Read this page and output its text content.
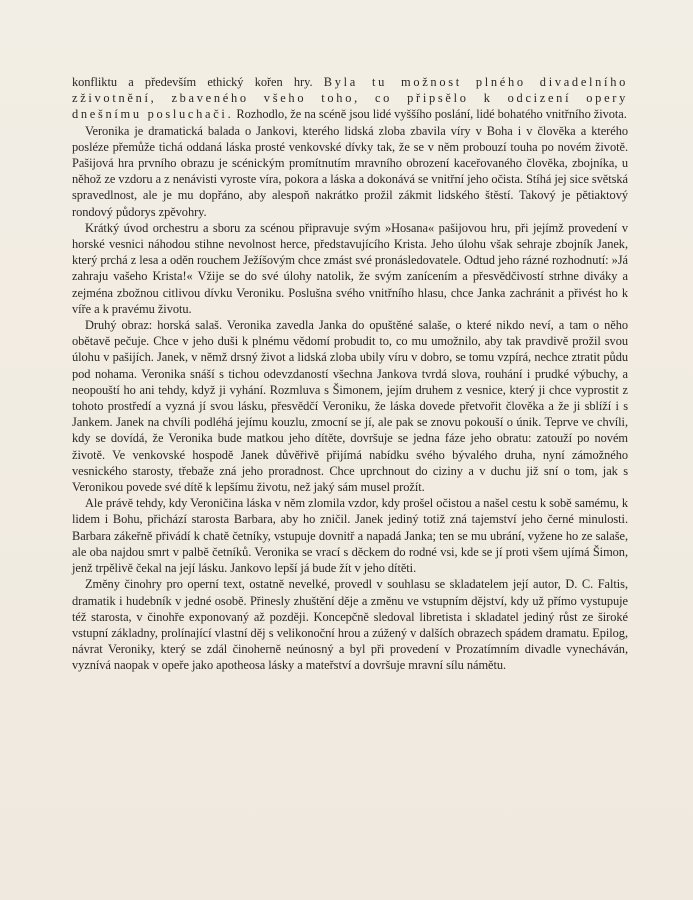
konfliktu a především ethický kořen hry. Byla tu možnost plného divadelního zživotnění, zbaveného všeho toho, co připsělo k odcizení opery dnešnímu posluchači. Rozhodlo, že na scéně jsou lidé vyššího poslání, lidé bohatého vnitřního života.

Veronika je dramatická balada o Jankovi, kterého lidská zloba zbavila víry v Boha i v člověka a kterého posléze přemůže tichá oddaná láska prosté venkovské dívky tak, že se v něm probouzí touha po novém životě. Pašijová hra prvního obrazu je scénickým promítnutím mravního obrození kaceřovaného člověka, zbojníka, u něhož ze vzdoru a z nenávisti vyroste víra, pokora a láska a dokonává se vnitřní jeho očista. Stíhá jej sice světská spravedlnost, ale je mu dopřáno, aby alespoň nakrátko prožil zákmit lidského štěstí. Takový je pětiaktový rondový půdorys zpěvohry.

Krátký úvod orchestru a sboru za scénou připravuje svým »Hosana« pašijovou hru, při jejímž provedení v horské vesnici náhodou stihne nevolnost herce, představujícího Krista. Jeho úlohu však sehraje zbojník Janek, který prchá z lesa a oděn rouchem Ježíšovým chce zmást své pronásledovatele. Odtud jeho rázné rozhodnutí: »Já zahraju vašeho Krista!« Vžije se do své úlohy natolik, že svým zanícením a přesvědčivostí strhne diváky a zejména zbožnou citlivou dívku Veroniku. Poslušna svého vnitřního hlasu, chce Janka zachránit a přivést ho k víře a k pravému životu.

Druhý obraz: horská salaš. Veronika zavedla Janka do opuštěné salaše, o které nikdo neví, a tam o něho obětavě pečuje. Chce v jeho duši k plnému vědomí probudit to, co mu umožnilo, aby tak pravdivě prožil svou úlohu v pašijích. Janek, v němž drsný život a lidská zloba ubily víru v dobro, se tomu vzpírá, nechce ztratit půdu pod nohama. Veronika snáší s tichou odevzdaností všechna Jankova tvrdá slova, rouhání i prudké výbuchy, a neopouští ho ani tehdy, když ji vyhání. Rozmluva s Šimonem, jejím druhem z vesnice, který ji chce vyprostit z tohoto prostředí a vyzná jí svou lásku, přesvědčí Veroniku, že láska dovede přetvořit člověka a že ji sblíží i s Jankem. Janek na chvíli podléhá jejímu kouzlu, zmocní se jí, ale pak se znovu pokouší o únik. Teprve ve chvíli, kdy se dovídá, že Veronika bude matkou jeho dítěte, dovršuje se jedna fáze jeho obratu: zatouží po novém životě. Ve venkovské hospodě Janek důvěřivě přijímá nabídku svého bývalého druha, nyní zámožného vesnického starosty, třebaže zná jeho proradnost. Chce uprchnout do ciziny a v duchu již sní o tom, jak s Veronikou povede své dítě k lepšímu životu, než jaký sám musel prožít.

Ale právě tehdy, kdy Veroničina láska v něm zlomila vzdor, kdy prošel očistou a našel cestu k sobě samému, k lidem i Bohu, přichází starosta Barbara, aby ho zničil. Janek jediný totiž zná tajemství jeho černé minulosti. Barbara zákeřně přivádí k chatě četníky, vstupuje dovnitř a napadá Janka; ten se mu ubrání, vyžene ho ze salaše, ale oba najdou smrt v palbě četníků. Veronika se vrací s děckem do rodné vsi, kde se jí proti všem ujímá Šimon, jenž trpělivě čekal na její lásku. Jankovo lepší já bude žít v jeho dítěti.

Změny činohry pro operní text, ostatně nevelké, provedl v souhlasu se skladatelem její autor, D. C. Faltis, dramatik i hudebník v jedné osobě. Přinesly zhuštění děje a změnu ve vstupním dějství, kdy už přímo vystupuje též starosta, v činohře exponovaný až později. Koncepčně sledoval libretista i skladatel jediný růst ze široké vstupní základny, prolínající vlastní děj s velikonoční hrou a zúžený v dalších obrazech spádem dramatu. Epilog, návrat Veroniky, který se zdál činoherně neúnosný a byl při provedení v Prozatímním divadle vynecháván, vyznívá naopak v opeře jako apotheosa lásky a mateřství a dovršuje mravní sílu námětu.
